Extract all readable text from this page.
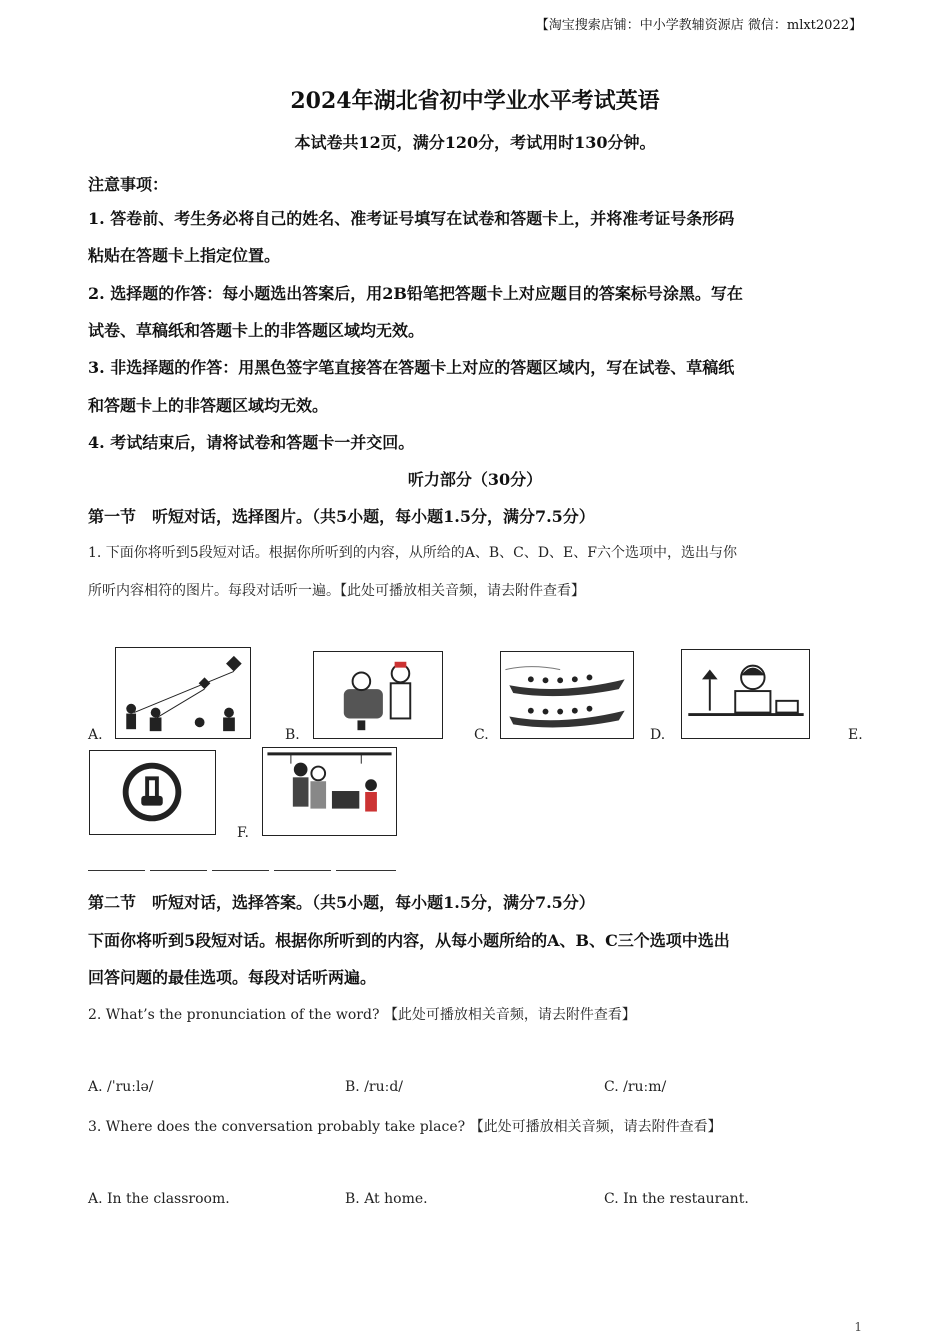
【淘宝搜索店铺：中小学教辅资源店 微信：mlxt2022】
2024年湖北省初中学业水平考试英语
本试卷共12页，满分120分，考试用时130分钟。
注意事项：
1. 答卷前、考生务必将自己的姓名、准考证号填写在试卷和答题卡上，并将准考证号条形码
粘贴在答题卡上指定位置。
2. 选择题的作答：每小题选出答案后，用2B铅笔把答题卡上对应题目的答案标号涂黑。写在
试卷、草稿纸和答题卡上的非答题区域均无效。
3. 非选择题的作答：用黑色签字笔直接答在答题卡上对应的答题区域内，写在试卷、草稿纸
和答题卡上的非答题区域均无效。
4. 考试结束后，请将试卷和答题卡一并交回。
听力部分（30分）
第一节　听短对话，选择图片。（共5小题，每小题1.5分，满分7.5分）
1. 下面你将听到5段短对话。根据你所听到的内容，从所给的A、B、C、D、E、F六个选项中，选出与你
所听内容相符的图片。每段对话听一遍。【此处可播放相关音频，请去附件查看】
A.	B.	C.	D.	E.
F.
第二节　听短对话，选择答案。（共5小题，每小题1.5分，满分7.5分）
下面你将听到5段短对话。根据你所听到的内容，从每小题所给的A、B、C三个选项中选出
回答问题的最佳选项。每段对话听两遍。
2. What’s the pronunciation of the word? 【此处可播放相关音频，请去附件查看】
A. /ˈruːlə/	B. /ruːd/	C. /ruːm/
3. Where does the conversation probably take place? 【此处可播放相关音频，请去附件查看】
A. In the classroom.	B. At home.	C. In the restaurant.
1
